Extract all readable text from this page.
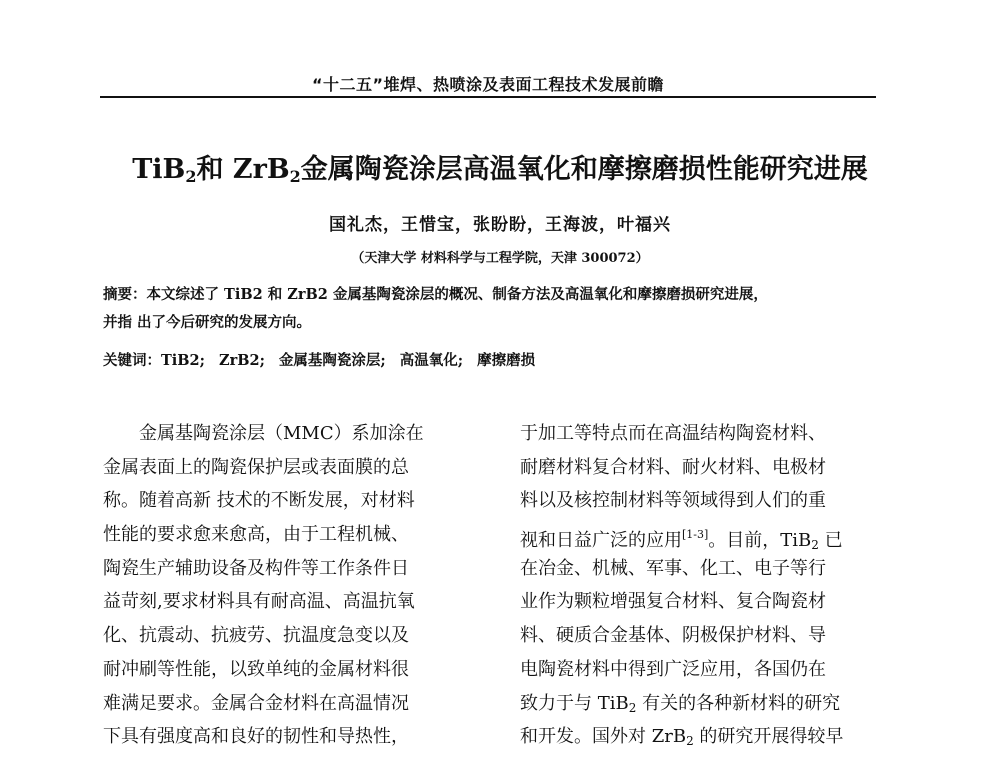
“十二五”堆焊、热喷涂及表面工程技术发展前瞻
TiB$_2$和 ZrB$_2$金属陶瓷涂层高温氧化和摩擦磨损性能研究进展
国礼杰，王惜宝，张盼盼，王海波，叶福兴
（天津大学 材料科学与工程学院，天津 300072）

摘要：本文综述了 TiB2 和 ZrB2 金属基陶瓷涂层的概况、制备方法及高温氧化和摩擦磨损研究进展，
并指 出了今后研究的发展方向。

关键词：TiB2; ZrB2; 金属基陶瓷涂层; 高温氧化; 摩擦磨损

金属基陶瓷涂层（MMC）系加涂在
金属表面上的陶瓷保护层或表面膜的总
称。随着高新 技术的不断发展，对材料
性能的要求愈来愈高，由于工程机械、
陶瓷生产辅助设备及构件等工作条件日
益苛刻,要求材料具有耐高温、高温抗氧
化、抗震动、抗疲劳、抗温度急变以及
耐冲刷等性能，以致单纯的金属材料很
难满足要求。金属合金材料在高温情况
下具有强度高和良好的韧性和导热性，
于加工等特点而在高温结构陶瓷材料、
耐磨材料复合材料、耐火材料、电极材
料以及核控制材料等领域得到人们的重
视和日益广泛的应用[1-3]。目前，TiB$_2$ 已
在冶金、机械、军事、化工、电子等行
业作为颗粒增强复合材料、复合陶瓷材
料、硬质合金基体、阴极保护材料、导
电陶瓷材料中得到广泛应用，各国仍在
致力于与 TiB$_2$ 有关的各种新材料的研究
和开发。国外对 ZrB$_2$ 的研究开展得较早
